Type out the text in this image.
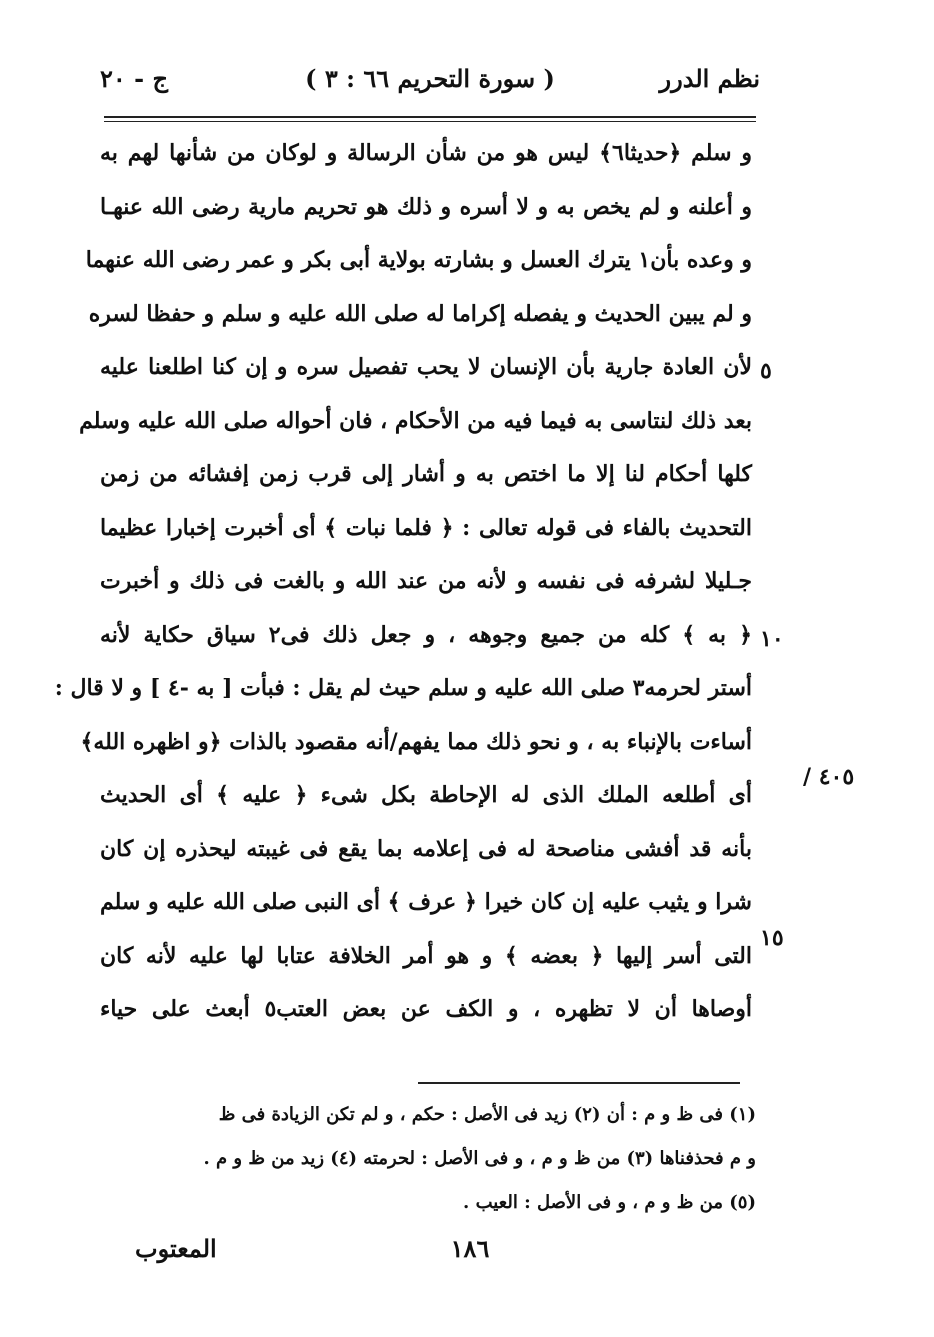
نظم الدرر
( سورة التحريم ٦٦ : ٣ )
ج - ٢٠
و سلم ﴿حديثا٦﴾ ليس هو من شأن الرسالة و لوكان من شأنها لهم به
و أعلنه و لم يخص به و لا أسره و ذلك هو تحريم مارية رضى الله عنهـا
و وعده بأن١ يترك العسل و بشارته بولاية أبى بكر و عمر رضى الله عنهما
و لم يبين الحديث و يفصله إكراما له صلى الله عليه و سلم و حفظا لسره
لأن العادة جارية بأن الإنسان لا يحب تفصيل سره و إن كنا اطلعنا عليه
بعد ذلك لنتاسى به فيما فيه من الأحكام ، فان أحواله صلى الله عليه وسلم
كلها أحكام لنا إلا ما اختص به و أشار إلى قرب زمن إفشائه من زمن
التحديث بالفاء فى قوله تعالى : ﴿ فلما نبات ﴾ أى أخبرت إخبارا عظيما
جـليلا لشرفه فى نفسه و لأنه من عند الله و بالغت فى ذلك و أخبرت
﴿ به ﴾ كله من جميع وجوهه ، و جعل ذلك فى٢ سياق حكاية لأنه
أستر لحرمه٣ صلى الله عليه و سلم حيث لم يقل : فبأت [ به -٤ ] و لا قال :
أساءت بالإنباء به ، و نحو ذلك مما يفهم/أنه مقصود بالذات ﴿و اظهره الله﴾
أى أطلعه الملك الذى له الإحاطة بكل شىء ﴿ عليه ﴾ أى الحديث
بأنه قد أفشى مناصحة له فى إعلامه بما يقع فى غيبته ليحذره إن كان
شرا و يثيب عليه إن كان خيرا ﴿ عرف ﴾ أى النبى صلى الله عليه و سلم
التى أسر إليها ﴿ بعضه ﴾ و هو أمر الخلافة عتابا لها عليه لأنه كان
أوصاها أن لا تظهره ، و الكف عن بعض العتب٥ أبعث على حياء
٥
١٠
١٥
٤٠٥ /
(١) فى ظ و م : أن (٢) زيد فى الأصل : حكم ، و لم تكن الزيادة فى ظ
و م فحذفناها (٣) من ظ و م ، و فى الأصل : لحرمته (٤) زيد من ظ و م .
(٥) من ظ و م ، و فى الأصل : العيب .
١٨٦
المعتوب
